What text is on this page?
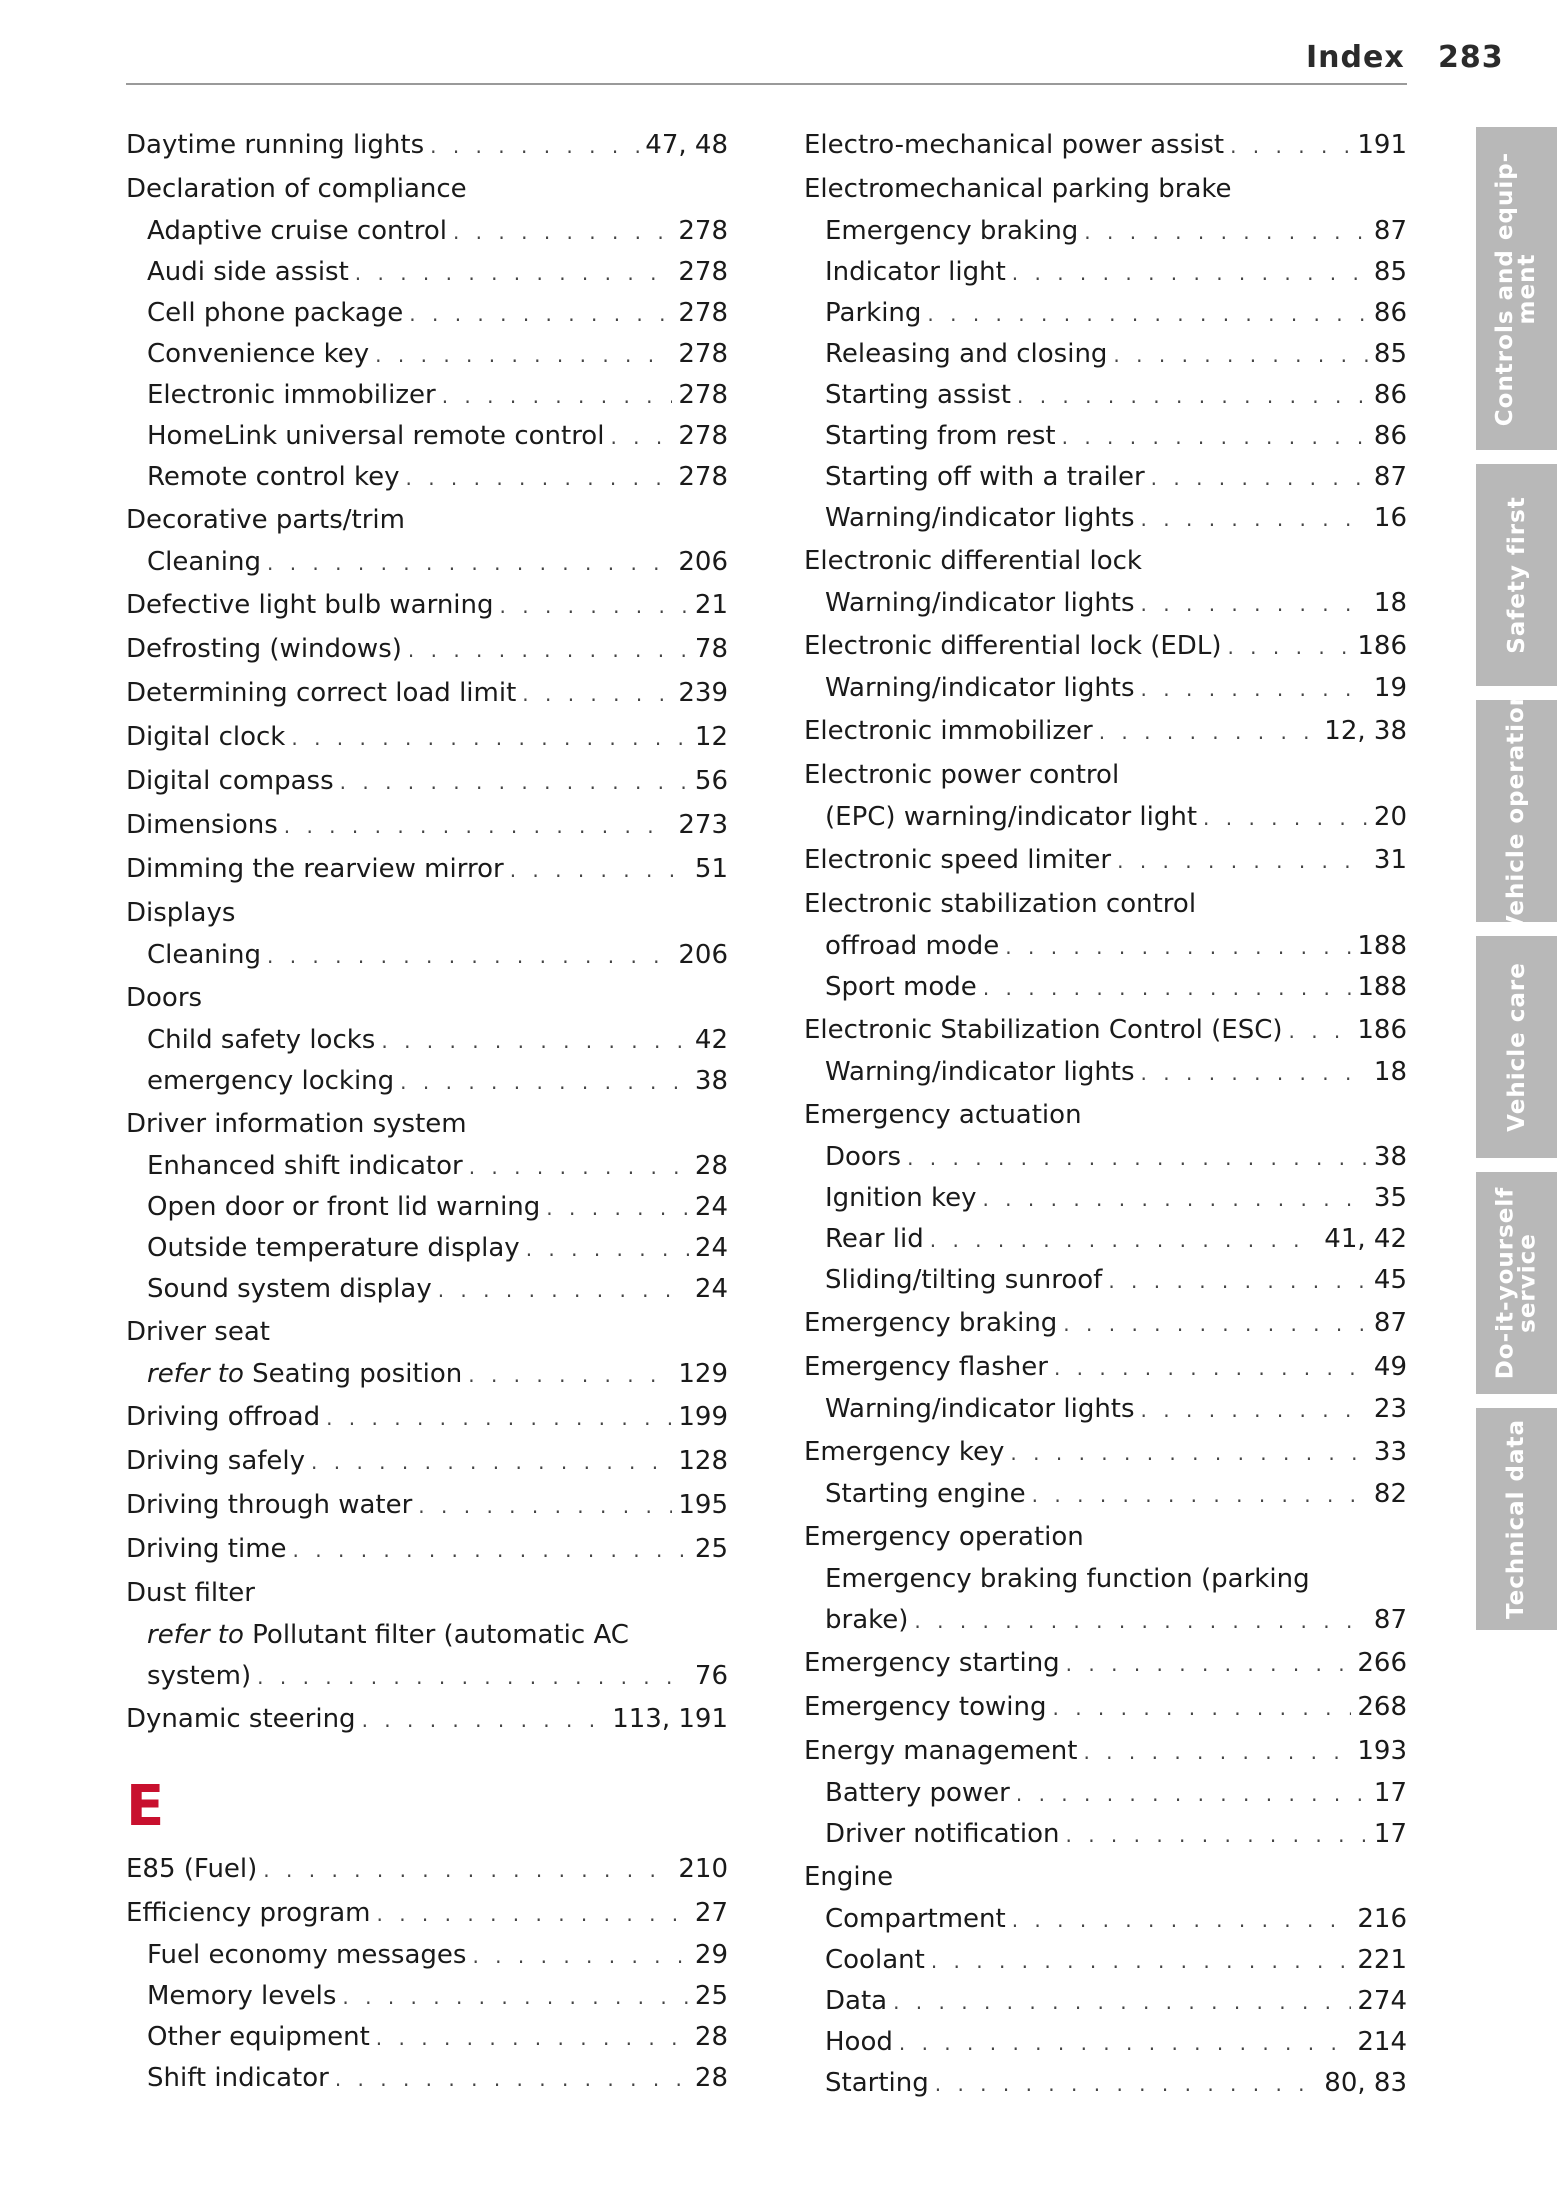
Index 283
Daytime running lights . . .	47, 48
Declaration of compliance
Adaptive cruise control . . .	278
Audi side assist . . .	278
Cell phone package . . .	278
Convenience key . . .	278
Electronic immobilizer . . .	278
HomeLink universal remote control . . .	278
Remote control key . . .	278
Decorative parts/trim
Cleaning . . .	206
Defective light bulb warning . . .	21
Defrosting (windows) . . .	78
Determining correct load limit . . .	239
Digital clock . . .	12
Digital compass . . .	56
Dimensions . . .	273
Dimming the rearview mirror . . .	51
Displays
Cleaning . . .	206
Doors
Child safety locks . . .	42
emergency locking . . .	38
Driver information system
Enhanced shift indicator . . .	28
Open door or front lid warning . . .	24
Outside temperature display . . .	24
Sound system display . . .	24
Driver seat
refer to Seating position . . .	129
Driving offroad . . .	199
Driving safely . . .	128
Driving through water . . .	195
Driving time . . .	25
Dust filter
refer to Pollutant filter (automatic AC
system) . . .	76
Dynamic steering . . .	113, 191
E
E85 (Fuel) . . .	210
Efficiency program . . .	27
Fuel economy messages . . .	29
Memory levels . . .	25
Other equipment . . .	28
Shift indicator . . .	28
Electro-mechanical power assist . . .	191
Electromechanical parking brake
Emergency braking . . .	87
Indicator light . . .	85
Parking . . .	86
Releasing and closing . . .	85
Starting assist . . .	86
Starting from rest . . .	86
Starting off with a trailer . . .	87
Warning/indicator lights . . .	16
Electronic differential lock
Warning/indicator lights . . .	18
Electronic differential lock (EDL) . . .	186
Warning/indicator lights . . .	19
Electronic immobilizer . . .	12, 38
Electronic power control
(EPC) warning/indicator light . . .	20
Electronic speed limiter . . .	31
Electronic stabilization control
offroad mode . . .	188
Sport mode . . .	188
Electronic Stabilization Control (ESC) . . .	186
Warning/indicator lights . . .	18
Emergency actuation
Doors . . .	38
Ignition key . . .	35
Rear lid . . .	41, 42
Sliding/tilting sunroof . . .	45
Emergency braking . . .	87
Emergency flasher . . .	49
Warning/indicator lights . . .	23
Emergency key . . .	33
Starting engine . . .	82
Emergency operation
Emergency braking function (parking
brake) . . .	87
Emergency starting . . .	266
Emergency towing . . .	268
Energy management . . .	193
Battery power . . .	17
Driver notification . . .	17
Engine
Compartment . . .	216
Coolant . . .	221
Data . . .	274
Hood . . .	214
Starting . . .	80, 83
Controls and equip-
ment
Safety first
Vehicle operation
Vehicle care
Do-it-yourself
service
Technical data
